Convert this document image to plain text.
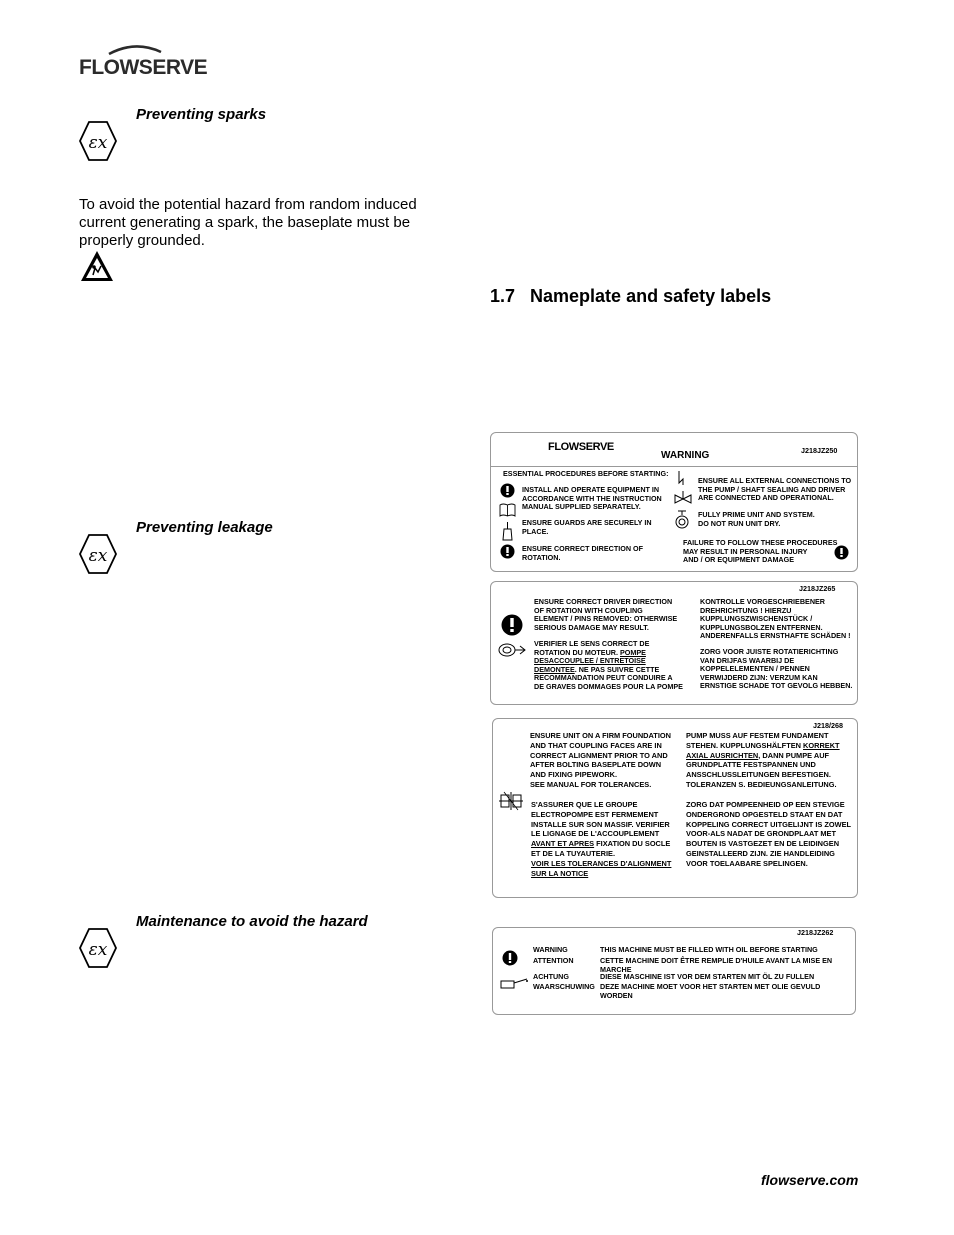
FLOWSERVE
Preventing sparks
εx
To avoid the potential hazard from random induced current generating a spark, the baseplate must be properly grounded.
Preventing leakage
εx
Maintenance to avoid the hazard
εx
1.7   Nameplate and safety labels
FLOWSERVE
WARNING	J218JZ250
ESSENTIAL PROCEDURES BEFORE STARTING:
INSTALL AND OPERATE EQUIPMENT IN
ACCORDANCE WITH THE INSTRUCTION
MANUAL SUPPLIED SEPARATELY.
ENSURE GUARDS ARE SECURELY IN
PLACE.
ENSURE CORRECT DIRECTION OF
ROTATION.
ENSURE ALL EXTERNAL CONNECTIONS TO
THE PUMP / SHAFT SEALING AND DRIVER
ARE CONNECTED AND OPERATIONAL.
FULLY PRIME UNIT AND SYSTEM.
DO NOT RUN UNIT DRY.
FAILURE TO FOLLOW THESE PROCEDURES
MAY RESULT IN PERSONAL INJURY
AND / OR EQUIPMENT DAMAGE
J218JZ265
ENSURE CORRECT DRIVER DIRECTION
OF ROTATION WITH COUPLING
ELEMENT / PINS REMOVED: OTHERWISE
SERIOUS DAMAGE MAY RESULT.
VERIFIER LE SENS CORRECT DE
ROTATION DU MOTEUR. POMPE
DESACCOUPLEE / ENTRETOISE
DEMONTEE. NE PAS SUIVRE CETTE
RECOMMANDATION PEUT CONDUIRE A
DE GRAVES DOMMAGES POUR LA POMPE
KONTROLLE VORGESCHRIEBENER
DREHRICHTUNG ! HIERZU
KUPPLUNGSZWISCHENSTÜCK /
KUPPLUNGSBOLZEN ENTFERNEN.
ANDERENFALLS ERNSTHAFTE SCHÄDEN !
ZORG VOOR JUISTE ROTATIERICHTING
VAN DRIJFAS WAARBIJ DE
KOPPELELEMENTEN / PENNEN
VERWIJDERD ZIJN: VERZUM KAN
ERNSTIGE SCHADE TOT GEVOLG HEBBEN.
J218/268
ENSURE UNIT ON A FIRM FOUNDATION
AND THAT COUPLING FACES ARE IN
CORRECT ALIGNMENT PRIOR TO AND
AFTER BOLTING BASEPLATE DOWN
AND FIXING PIPEWORK.
SEE MANUAL FOR TOLERANCES.
S'ASSURER QUE LE GROUPE
ELECTROPOMPE EST FERMEMENT
INSTALLE SUR SON MASSIF. VERIFIER
LE LIGNAGE DE L'ACCOUPLEMENT
AVANT ET APRES FIXATION DU SOCLE
ET DE LA TUYAUTERIE.
VOIR LES TOLERANCES D'ALIGNMENT
SUR LA NOTICE
PUMP MUSS AUF FESTEM FUNDAMENT
STEHEN. KUPPLUNGSHÄLFTEN KORREKT
AXIAL AUSRICHTEN, DANN PUMPE AUF
GRUNDPLATTE FESTSPANNEN UND
ANSSCHLUSSLEITUNGEN BEFESTIGEN.
TOLERANZEN S. BEDIEUNGSANLEITUNG.
ZORG DAT POMPEENHEID OP EEN STEVIGE
ONDERGROND OPGESTELD STAAT EN DAT
KOPPELING CORRECT UITGELIJNT IS ZOWEL
VOOR-ALS NADAT DE GRONDPLAAT MET
BOUTEN IS VASTGEZET EN DE LEIDINGEN
GEINSTALLEERD ZIJN. ZIE HANDLEIDING
VOOR TOELAABARE SPELINGEN.
J218JZ262
WARNING	THIS MACHINE MUST BE FILLED WITH OIL BEFORE STARTING
ATTENTION	CETTE MACHINE DOIT ÊTRE REMPLIE D'HUILE AVANT LA MISE EN
MARCHE
ACHTUNG	DIESE MASCHINE IST VOR DEM STARTEN MIT ÖL ZU FULLEN
WAARSCHUWING DEZE MACHINE MOET VOOR HET STARTEN MET OLIE GEVULD WORDEN
flowserve.com
